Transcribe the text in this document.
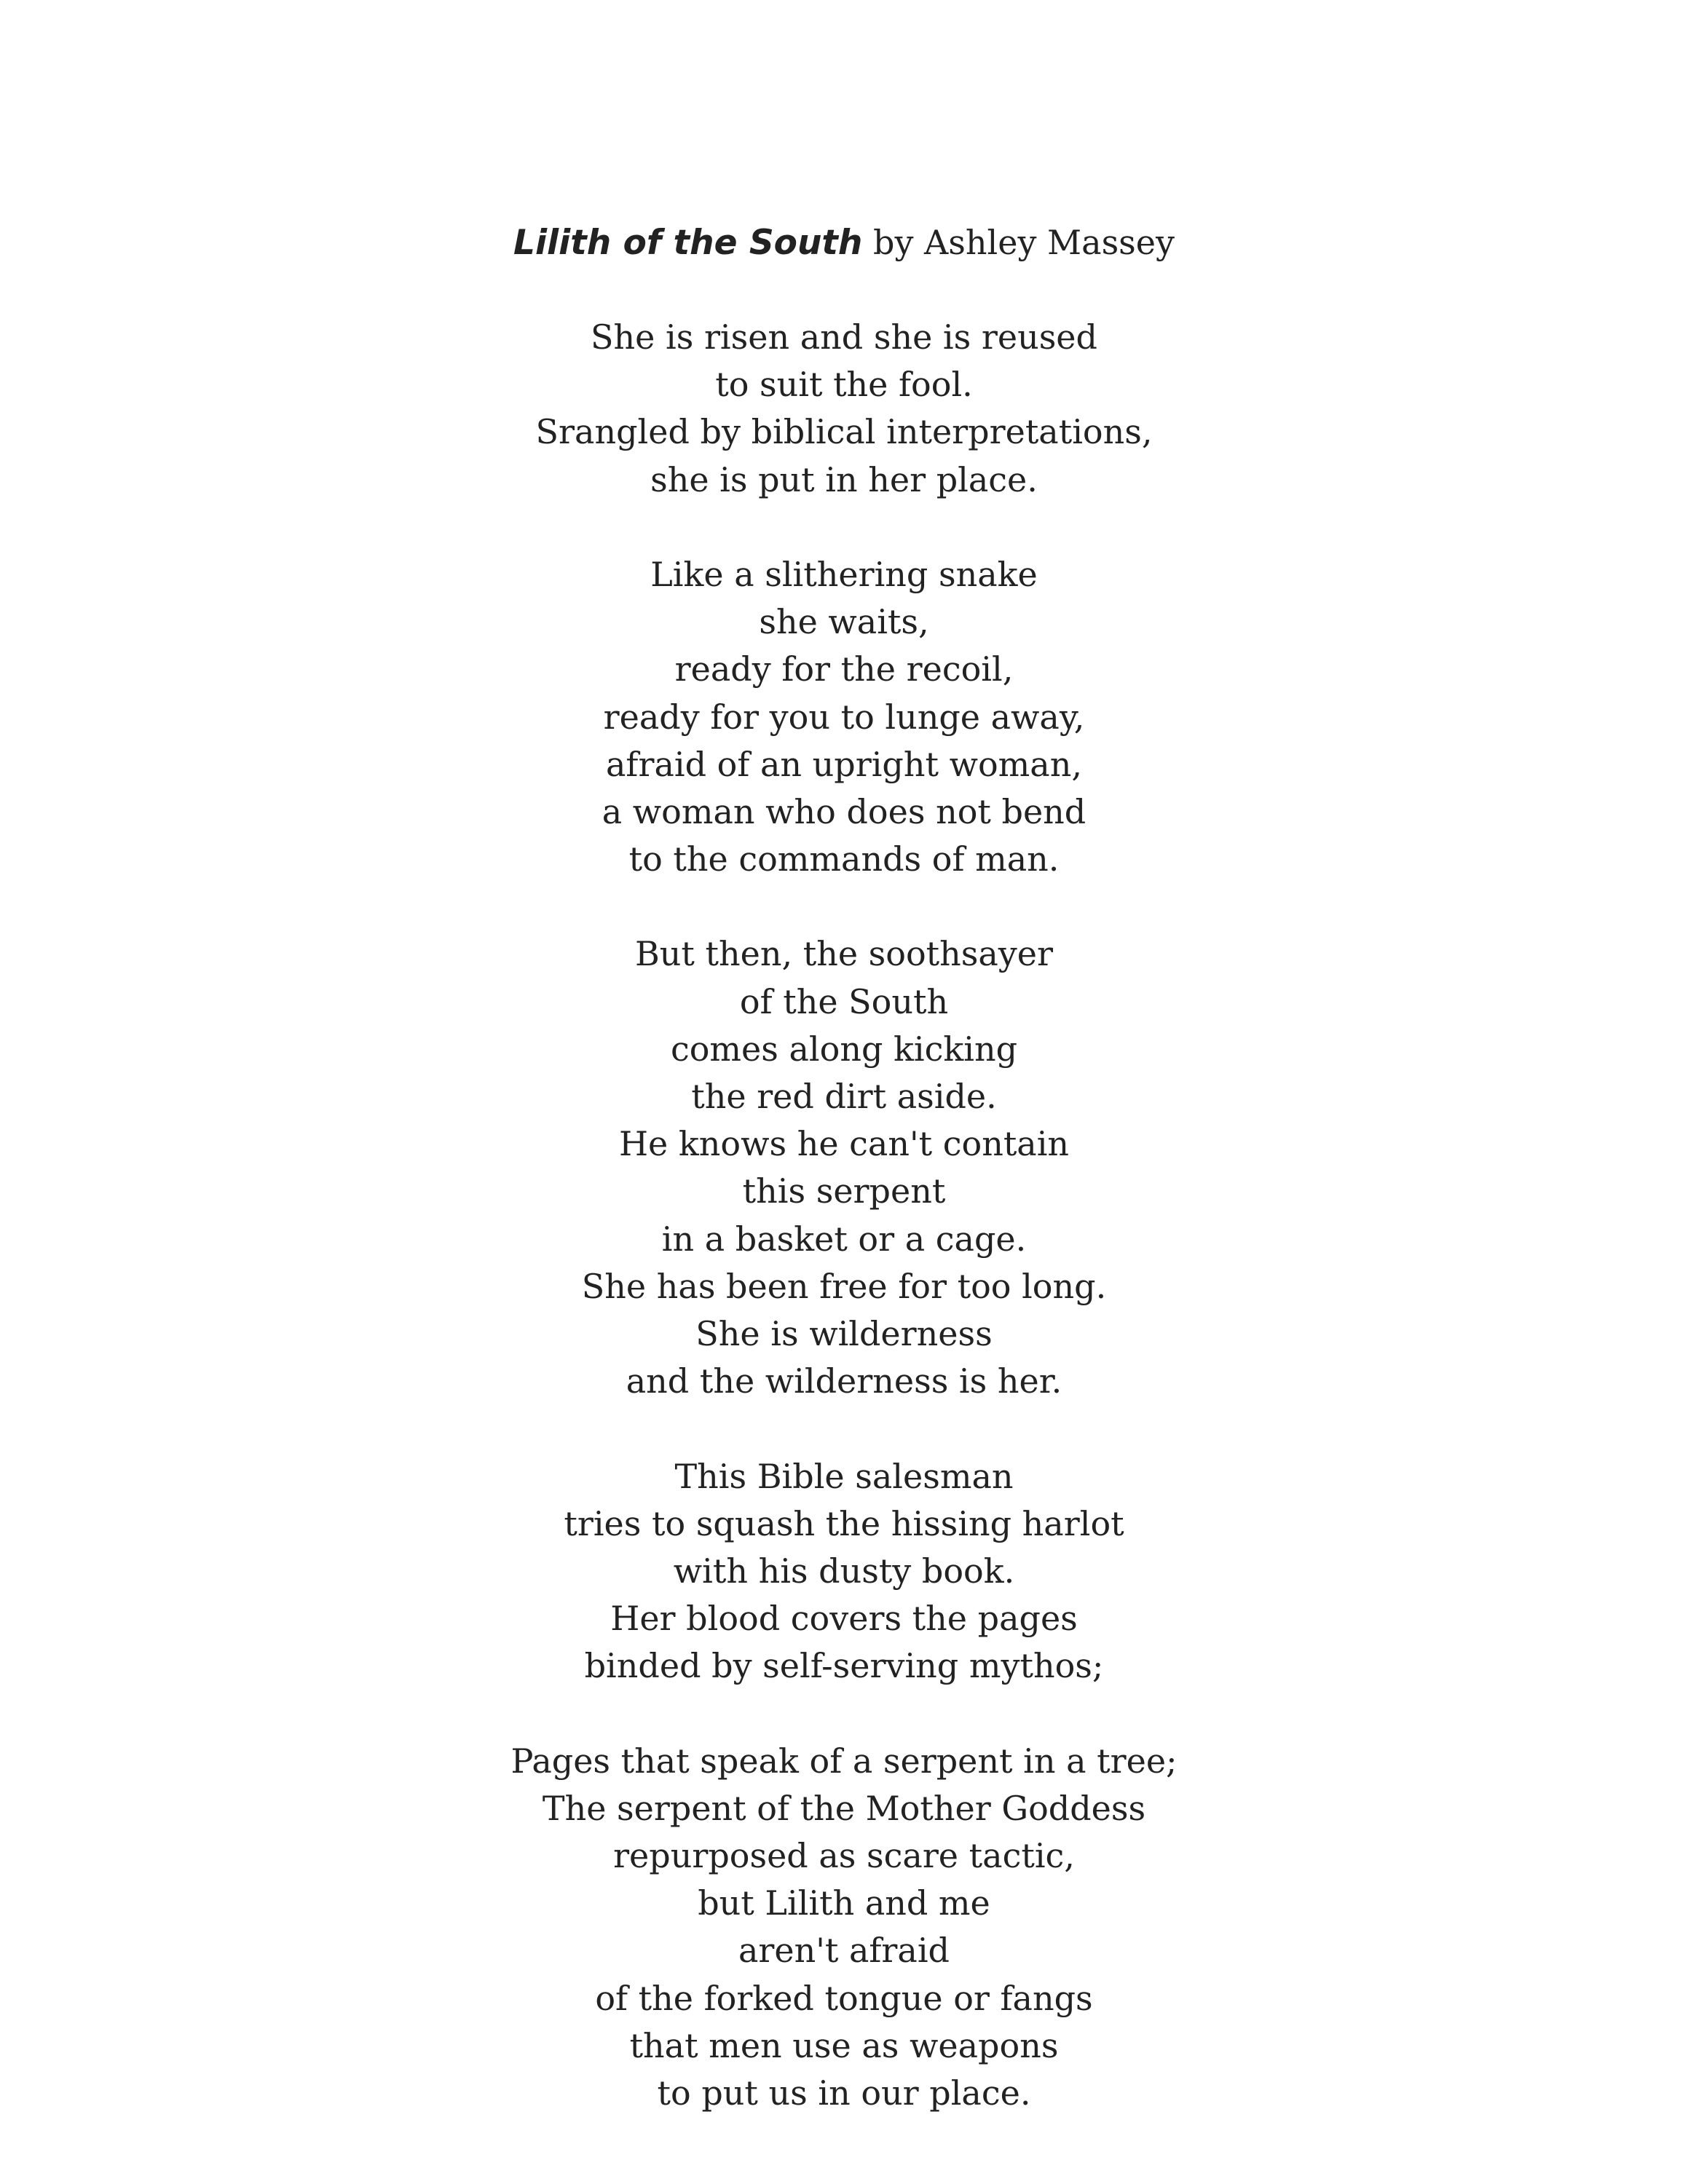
Lilith of the South by Ashley Massey
She is risen and she is reused
to suit the fool.
Srangled by biblical interpretations,
she is put in her place.
Like a slithering snake
she waits,
ready for the recoil,
ready for you to lunge away,
afraid of an upright woman,
a woman who does not bend
to the commands of man.
But then, the soothsayer
of the South
comes along kicking
the red dirt aside.
He knows he can't contain
this serpent
in a basket or a cage.
She has been free for too long.
She is wilderness
and the wilderness is her.
This Bible salesman
tries to squash the hissing harlot
with his dusty book.
Her blood covers the pages
binded by self-serving mythos;
Pages that speak of a serpent in a tree;
The serpent of the Mother Goddess
repurposed as scare tactic,
but Lilith and me
aren't afraid
of the forked tongue or fangs
that men use as weapons
to put us in our place.
